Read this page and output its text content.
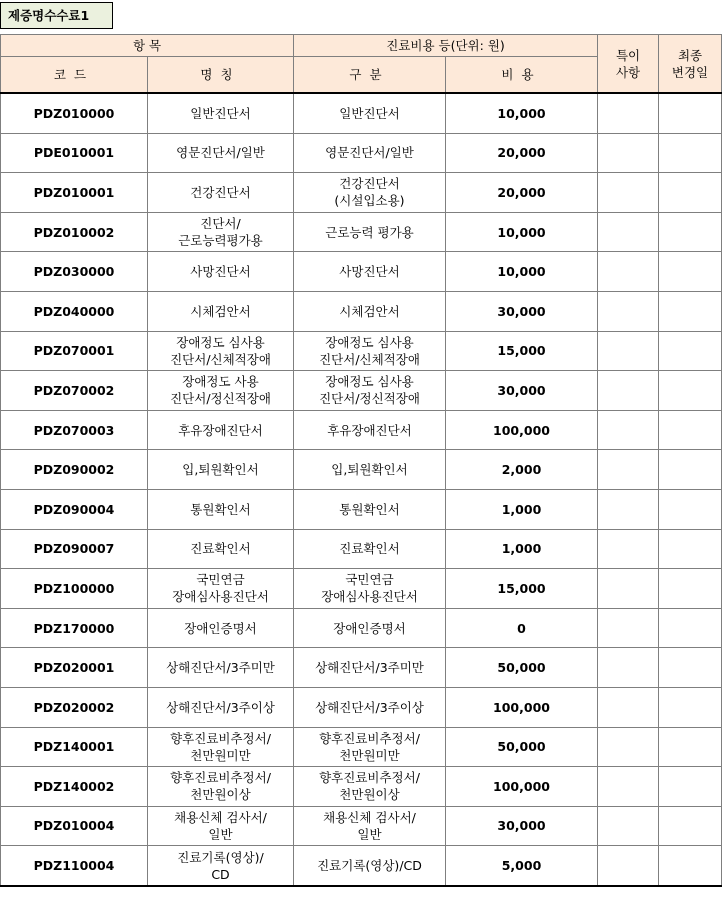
제증명수수료1
항 목		진료비용 등(단위: 원)		특이
사항	최종
변경일
코드	명칭	구분	비용		
PDZ010000	일반진단서	일반진단서	10,000		
PDE010001	영문진단서/일반	영문진단서/일반	20,000		
PDZ010001	건강진단서	건강진단서
(시설입소용)	20,000		
PDZ010002	진단서/
근로능력평가용	근로능력 평가용	10,000		
PDZ030000	사망진단서	사망진단서	10,000		
PDZ040000	시체검안서	시체검안서	30,000		
PDZ070001	장애정도 심사용
진단서/신체적장애	장애정도 심사용
진단서/신체적장애	15,000		
PDZ070002	장애정도 사용
진단서/정신적장애	장애정도 심사용
진단서/정신적장애	30,000		
PDZ070003	후유장애진단서	후유장애진단서	100,000		
PDZ090002	입,퇴원확인서	입,퇴원확인서	2,000		
PDZ090004	통원확인서	통원확인서	1,000		
PDZ090007	진료확인서	진료확인서	1,000		
PDZ100000	국민연금
장애심사용진단서	국민연금
장애심사용진단서	15,000		
PDZ170000	장애인증명서	장애인증명서	0		
PDZ020001	상해진단서/3주미만	상해진단서/3주미만	50,000		
PDZ020002	상해진단서/3주이상	상해진단서/3주이상	100,000		
PDZ140001	향후진료비추정서/
천만원미만	향후진료비추정서/
천만원미만	50,000		
PDZ140002	향후진료비추정서/
천만원이상	향후진료비추정서/
천만원이상	100,000		
PDZ010004	채용신체 검사서/
일반	채용신체 검사서/
일반	30,000		
PDZ110004	진료기록(영상)/
CD	진료기록(영상)/CD	5,000		
